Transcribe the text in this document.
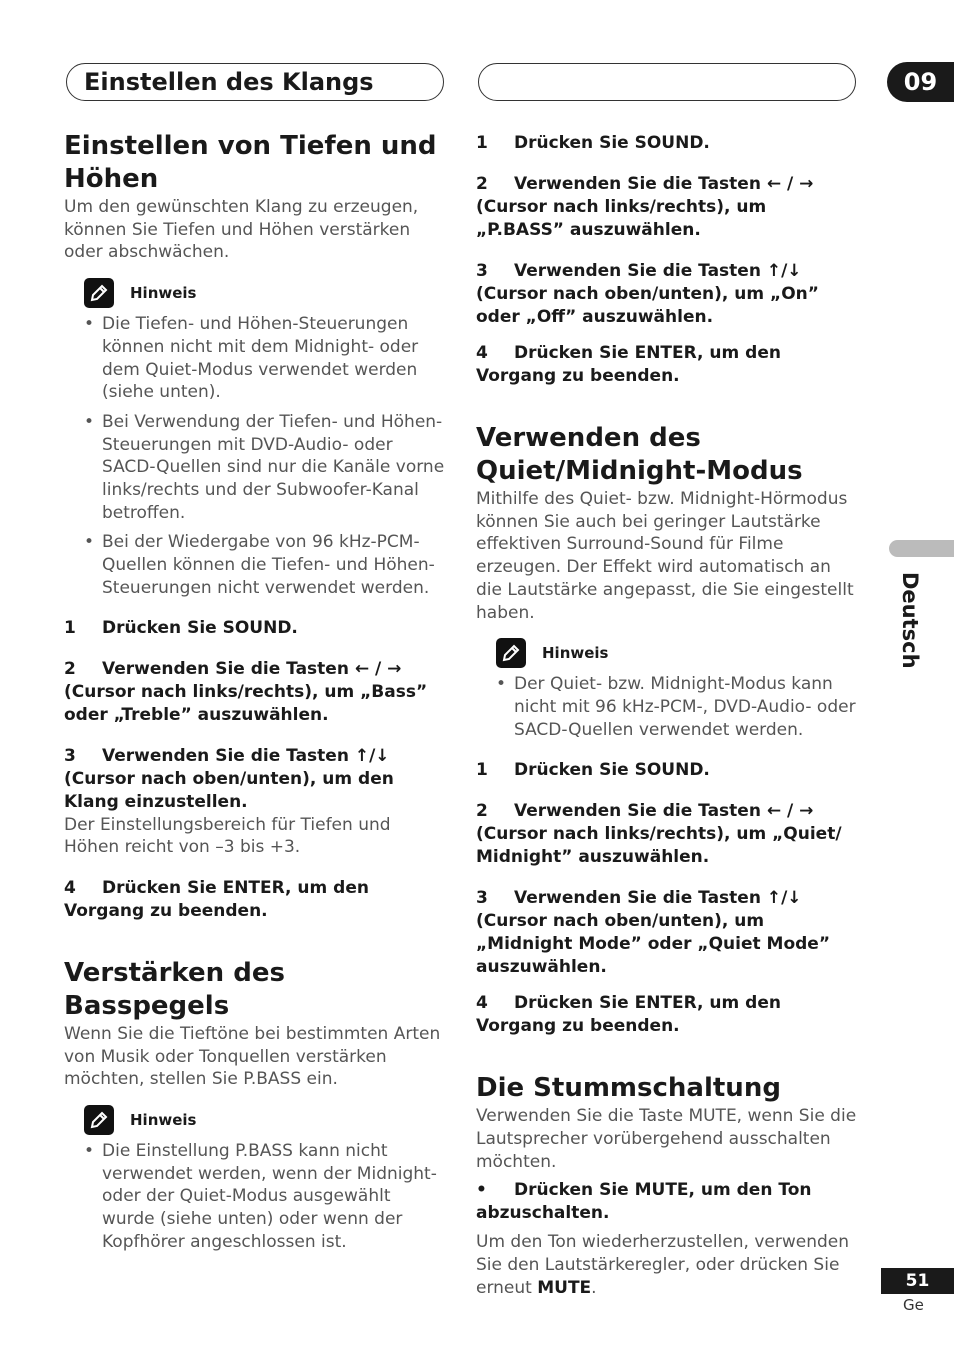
Einstellen des Klangs	09
Deutsch
Einstellen von Tiefen und Höhen

Um den gewünschten Klang zu erzeugen, können Sie Tiefen und Höhen verstärken oder abschwächen.

Hinweis
• Die Tiefen- und Höhen-Steuerungen können nicht mit dem Midnight- oder dem Quiet-Modus verwendet werden (siehe unten).
• Bei Verwendung der Tiefen- und Höhen-Steuerungen mit DVD-Audio- oder SACD-Quellen sind nur die Kanäle vorne links/rechts und der Subwoofer-Kanal betroffen.
• Bei der Wiedergabe von 96 kHz-PCM-Quellen können die Tiefen- und Höhen-Steuerungen nicht verwendet werden.
1 Drücken Sie SOUND.
2 Verwenden Sie die Tasten ← / → (Cursor nach links/rechts), um „Bass” oder „Treble” auszuwählen.
3 Verwenden Sie die Tasten ↑/↓ (Cursor nach oben/unten), um den Klang einzustellen.

Der Einstellungsbereich für Tiefen und Höhen reicht von –3 bis +3.

4 Drücken Sie ENTER, um den Vorgang zu beenden.
Verstärken des Basspegels

Wenn Sie die Tieftöne bei bestimmten Arten von Musik oder Tonquellen verstärken möchten, stellen Sie P.BASS ein.

Hinweis
• Die Einstellung P.BASS kann nicht verwendet werden, wenn der Midnight- oder der Quiet-Modus ausgewählt wurde (siehe unten) oder wenn der Kopfhörer angeschlossen ist.
1 Drücken Sie SOUND.
2 Verwenden Sie die Tasten ← / → (Cursor nach links/rechts), um „P.BASS” auszuwählen.
3 Verwenden Sie die Tasten ↑/↓ (Cursor nach oben/unten), um „On” oder „Off” auszuwählen.
4 Drücken Sie ENTER, um den Vorgang zu beenden.
Verwenden des Quiet/Midnight-Modus

Mithilfe des Quiet- bzw. Midnight-Hörmodus können Sie auch bei geringer Lautstärke effektiven Surround-Sound für Filme erzeugen. Der Effekt wird automatisch an die Lautstärke angepasst, die Sie eingestellt haben.

Hinweis
• Der Quiet- bzw. Midnight-Modus kann nicht mit 96 kHz-PCM-, DVD-Audio- oder SACD-Quellen verwendet werden.
1 Drücken Sie SOUND.
2 Verwenden Sie die Tasten ← / → (Cursor nach links/rechts), um „Quiet/ Midnight” auszuwählen.
3 Verwenden Sie die Tasten ↑/↓ (Cursor nach oben/unten), um „Midnight Mode” oder „Quiet Mode” auszuwählen.
4 Drücken Sie ENTER, um den Vorgang zu beenden.
Die Stummschaltung

Verwenden Sie die Taste MUTE, wenn Sie die Lautsprecher vorübergehend ausschalten möchten.

• Drücken Sie MUTE, um den Ton abzuschalten.

Um den Ton wiederherzustellen, verwenden Sie den Lautstärkeregler, oder drücken Sie erneut MUTE.	51
Ge
